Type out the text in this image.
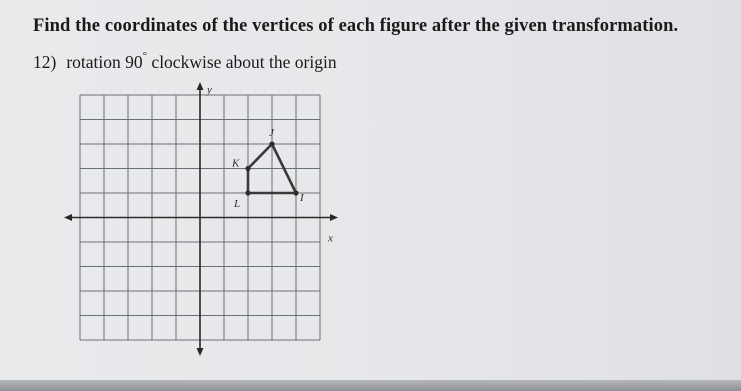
Find the coordinates of the vertices of each figure after the given transformation.
12) rotation 90° clockwise about the origin
x
y
J
I
L
K
